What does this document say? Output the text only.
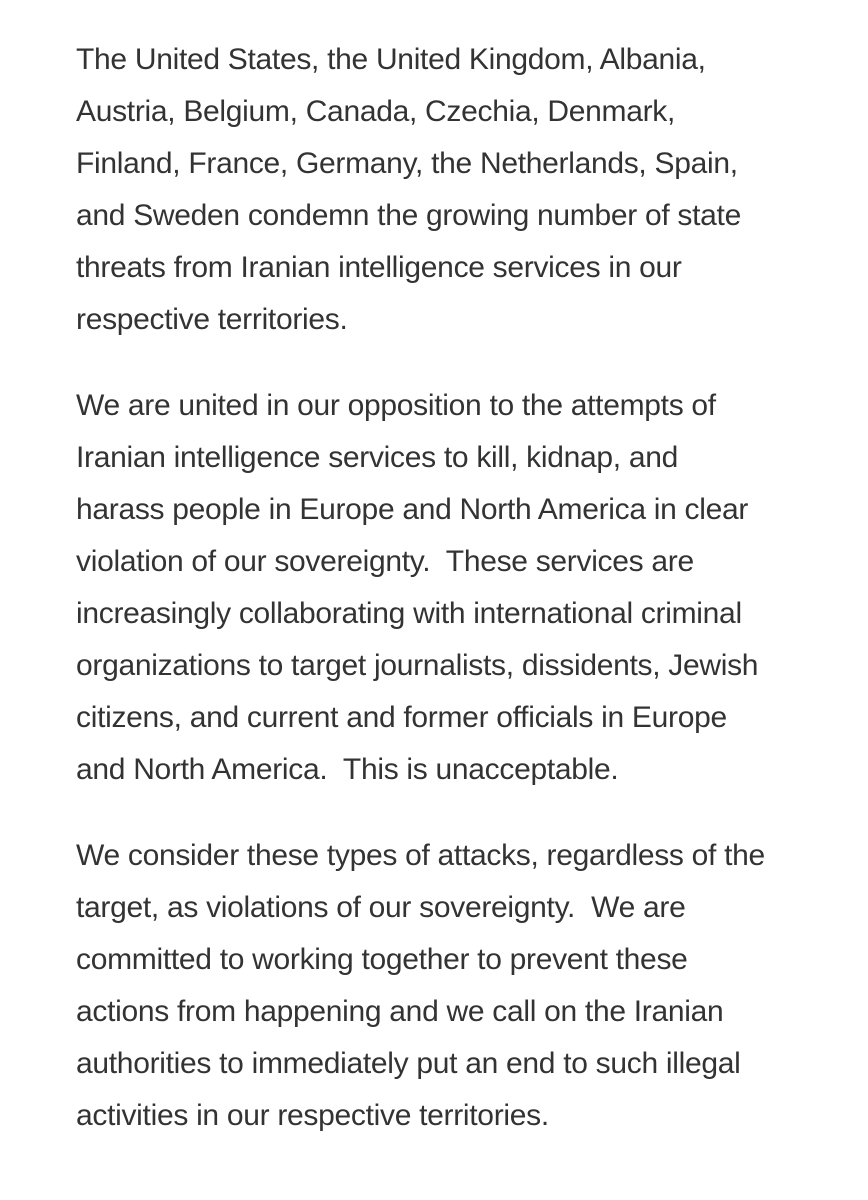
The United States, the United Kingdom, Albania,
Austria, Belgium, Canada, Czechia, Denmark,
Finland, France, Germany, the Netherlands, Spain,
and Sweden condemn the growing number of state
threats from Iranian intelligence services in our
respective territories.

We are united in our opposition to the attempts of
Iranian intelligence services to kill, kidnap, and
harass people in Europe and North America in clear
violation of our sovereignty.  These services are
increasingly collaborating with international criminal
organizations to target journalists, dissidents, Jewish
citizens, and current and former officials in Europe
and North America.  This is unacceptable.

We consider these types of attacks, regardless of the
target, as violations of our sovereignty.  We are
committed to working together to prevent these
actions from happening and we call on the Iranian
authorities to immediately put an end to such illegal
activities in our respective territories.
